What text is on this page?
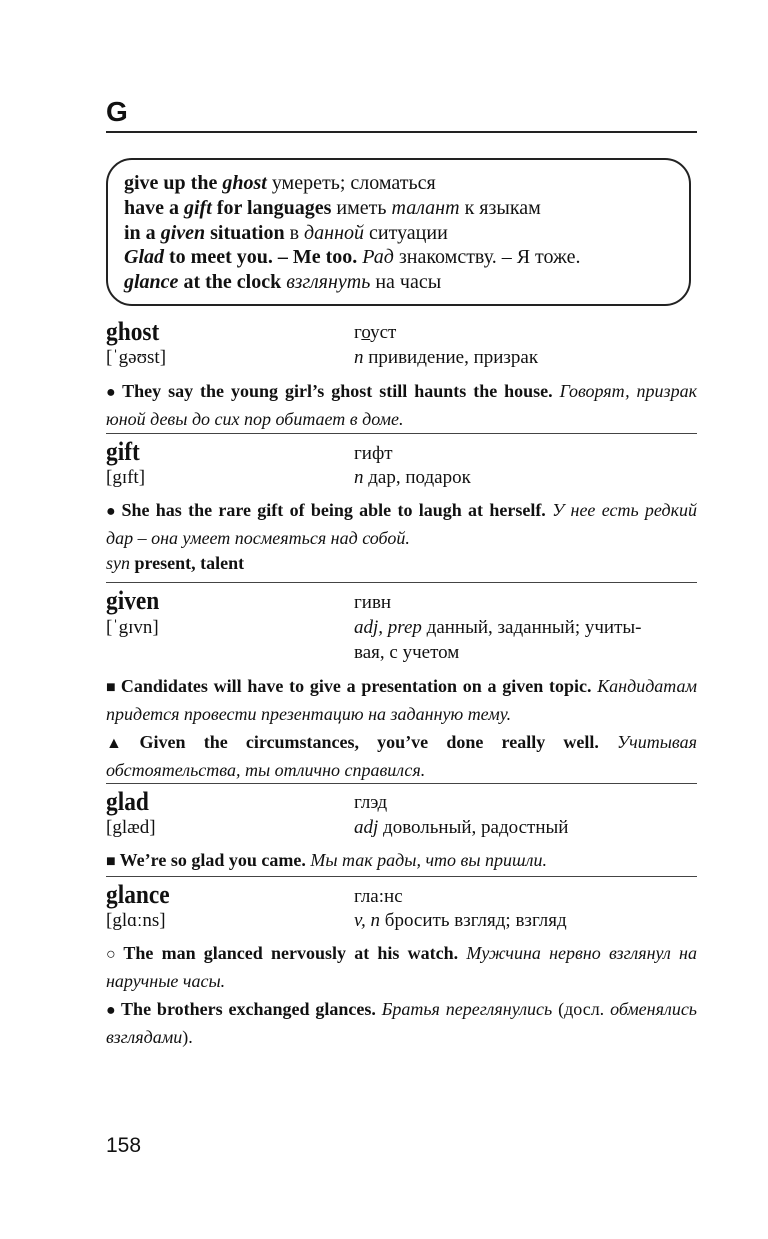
G
give up the ghost умереть; сломаться
have a gift for languages иметь талант к языкам
in a given situation в данной ситуации
Glad to meet you. – Me too. Рад знакомству. – Я тоже.
glance at the clock взглянуть на часы
ghost	гоуст
[ˈgəʊst]	n привидение, призрак
● They say the young girl’s ghost still haunts the house. Говорят, призрак юной девы до сих пор обитает в доме.
gift	гифт
[gɪft]	n дар, подарок
● She has the rare gift of being able to laugh at herself. У нее есть редкий дар – она умеет посмеяться над собой.
syn present, talent
given	гивн
[ˈgɪvn]	adj, prep данный, заданный; учиты-
вая, с учетом
■ Candidates will have to give a presentation on a given topic. Кандидатам придется провести презентацию на заданную тему.
▲ Given the circumstances, you’ve done really well. Учитывая обстоятельства, ты отлично справился.
glad	глэд
[glæd]	adj довольный, радостный
■ We’re so glad you came. Мы так рады, что вы пришли.
glance	гла:нс
[glɑːns]	v, n бросить взгляд; взгляд
○ The man glanced nervously at his watch. Мужчина нервно взглянул на наручные часы.
● The brothers exchanged glances. Братья переглянулись (досл. обменялись взглядами).
158
